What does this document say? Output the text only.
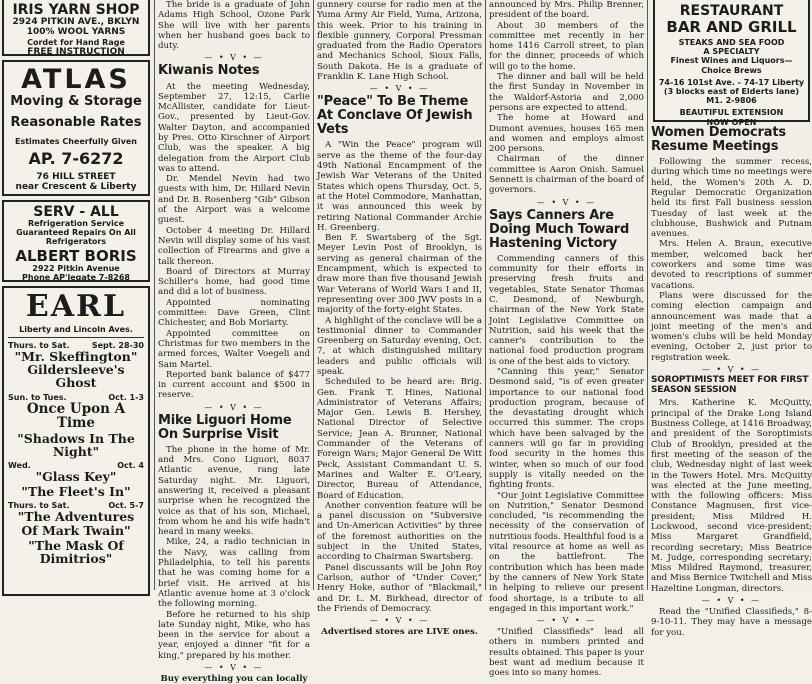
IRIS YARN SHOP
2924 PITKIN AVE., BKLYN
100% WOOL YARNS
Cordet for Hand Rage
FREE INSTRUCTION
ATLAS
Moving & Storage
Reasonable Rates
Estimates Cheerfully Given
AP. 7-6272
76 HILL STREET
near Crescent & Liberty
SERV - ALL
Refrigeration Service
Guaranteed Repairs On All
Refrigerators
ALBERT BORIS
2922 Pitkin Avenue
Phone AP'legate 7-8268
EARL
Liberty and Lincoln Aves.
Thurs. to Sat.	Sept. 28-30
"Mr. Skeffington"
Gildersleeve's Ghost
Sun. to Tues.	Oct. 1-3
Once Upon A Time
"Shadows In The Night"
Wed.	Oct. 4
"Glass Key"
"The Fleet's In"
Thurs. to Sat.	Oct. 5-7
"The Adventures Of Mark Twain"
"The Mask Of Dimitrios"

The bride is a graduate of John Adams High School, Ozone Park She will live with her parents when her husband goes back to duty.

— • V • —
Kiwanis Notes

At the meeting Wednesday, September 27, 12:15, Carlie McAllister, candidate for Lieut-Gov., presented by Lieut-Gov. Walter Dayton, and accompanied by Pres. Otto Kirschner of Airport Club, was the speaker. A big delegation from the Airport Club was to attend.

Dr. Mendel Nevin had two guests with him, Dr. Hillard Nevin and Dr. B. Rosenberg "Gib" Gibson of the Airport was a welcome guest.

October 4 meeting Dr. Hillard Nevin will display some of his vast collection of Firearms and give a talk thereon.

Board of Directors at Murray Schiller's home, had good time and did a lot of business.

Appointed nominating committee: Dave Green, Clint Chichester, and Bob Moriarty.

Appointed committee on Christmas for two members in the armed forces, Walter Voegeli and Sam Martel.

Reported bank balance of $477 in current account and $500 in reserve.

— • V • —
Mike Liguori Home On Surprise Visit

The phone in the home of Mr. and Mrs. Cono Liguori, 8037 Atlantic avenue, rang late Saturday night. Mr. Liguori, answering it, received a pleasant surprise when he recognized the voice as that of his son, Michael, from whom he and his wife hadn't heard in many weeks.

Mike, 24, a radio technician in the Navy, was calling from Philadelphia, to tell his parents that he was coming home for a brief visit. He arrived at his Atlantic avenue home at 3 o'clock the following morning.

Before he returned to his ship late Sunday night, Mike, who has been in the service for about a year, enjoyed a dinner "fit for a king," prepared by his mother.

— • V • —
Buy everything you can locally

gunnery course for radio men at the Yuma Army Air Field, Yuma, Arizona, this week. Prior to his training in flexible gunnery, Corporal Pressman graduated from the Radio Operators and Mechanics School, Sioux Falls, South Dakota. He is a graduate of Franklin K. Lane High School.

— • V • —
"Peace" To Be Theme At Conclave Of Jewish Vets

A "Win the Peace" program will serve as the theme of the four-day 49th National Encampment of the Jewish War Veterans of the United States which opens Thursday, Oct. 5, at the Hotel Commodore, Manhattan, it was announced this week by retiring National Commander Archie H. Greenberg.

Ben F. Swartsberg of the Sgt. Meyer Levin Post of Brooklyn, is serving as general chairman of the Encampment, which is expected to draw more than five thousand Jewish War Veterans of World Wars I and II, representing over 300 JWV posts in a majority of the forty-eight States.

A highlight of the conclave will be a testimonial dinner to Commander Greenberg on Saturday evening, Oct. 7, at which distinguished military leaders and public officials will speak.

Scheduled to be heard are: Brig. Gen. Frank T. Hines, National Administrator of Veterans Affairs; Major Gen. Lewis B. Hershey, National Director of Selective Service; Jean A. Brunner, National Commander of the Veterans of Foreign Wars; Major General De Witt Peck, Assistant Commandant U. S. Marines and Walter E. O'Leary, Director, Bureau of Attendance, Board of Education.

Another convention feature will be a panel discussion on "Subversive and Un-American Activities" by three of the foremost authorities on the subject in the United States, according to Chairman Swartsberg.

Panel discussants will be John Roy Carlson, author of "Under Cover," Henry Hoke, author of "Blackmail," and Dr. L. M. Birkhead, director of the Friends of Democracy.

— • V • —
Advertised stores are LIVE ones.

announced by Mrs. Philip Brenner, president of the board.

About 30 members of the committee met recently in her home 1416 Carroll street, to plan for the dinner, proceeds of which will go to the home.

The dinner and ball will be held the first Sunday in November in the Waldorf-Astoria and 2,000 persons are expected to attend.

The home at Howard and Dumont avenues, houses 165 men and women and employs almost 200 persons.

Chairman of the dinner committee is Aaron Onish. Samuel Sennett is chairman of the board of governors.

— • V • —
Says Canners Are Doing Much Toward Hastening Victory

Commending canners of this community for their efforts in preserving fresh fruits and vegetables, State Senator Thomas C. Desmond, of Newburgh, chairman of the New York State Joint Legislative Committee on Nutrition, said his week that the canner's contribution to the national food production program is one of the best aids to victory.

"Canning this year," Senator Desmond said, "is of even greater importance to our national food production program, because of the devastating drought which occurred this summer. The crops which have been salvaged by the canners will go far in providing food security in the homes this winter, when so much of our food supply is vitally needed on the fighting fronts.

"Our Joint Legislative Committee on Nutrition," Senator Desmond concluded, "is recommending the necessity of the conservation of nutritious foods. Healthful food is a vital resource at home as well as on the battlefront. The contribution which has been made by the canners of New York State in helping to relieve our present food shortage, is a tribute to all engaged in this important work."

— • V • —

"Unified Classifieds" lead all others in numbers printed and results obtained. This paper is your best want ad medium because it goes into so many homes.

RESTAURANT
BAR AND GRILL
STEAKS AND SEA FOOD
A SPECIALTY
Finest Wines and Liquors—
Choice Brews
74-16 101st Ave. - 74-17 Liberty
(3 blocks east of Elderts lane)
M1. 2-9806
BEAUTIFUL EXTENSION
NOW OPEN
Women Democrats Resume Meetings

Following the summer recess, during which time no meetings were held, the Women's 20th A. D. Regular Democratic Organization held its first Fall business session Tuesday of last week at the clubhouse, Bushwick and Putnam avenues.

Mrs. Helen A. Braun, executive member, welcomed back her coworkers and some time was devoted to rescriptions of summer vacations.

Plans were discussed for the coming election campaign and announcement was made that a joint meeting of the men's and women's clubs will be held Monday evening, October 2, just prior to registration week.

— • V • —
SOROPTIMISTS MEET FOR FIRST SEASON SESSION

Mrs. Katherine K. McQuitty, principal of the Drake Long Island Business College, at 1416 Broadway, and president of the Soroptimists Club of Brooklyn, presided at the first meeting of the season of the club, Wednesday night of last week in the Towers Hotel. Mrs. McQuitty was elected at the June meeting, with the following officers: Miss Constance Magnusen, first vice-president; Miss Mildred H. Lockwood, second vice-president; Miss Margaret Grandfield, recording secretary; Miss Beatrice M. Judge, corresponding secretary; Miss Mildred Raymond, treasurer, and Miss Bernice Twitchell and Miss Hazeltine Longman, directors.

— • V • —

Read the "Unified Classifieds," 8-9-10-11. They may have a message for you.
